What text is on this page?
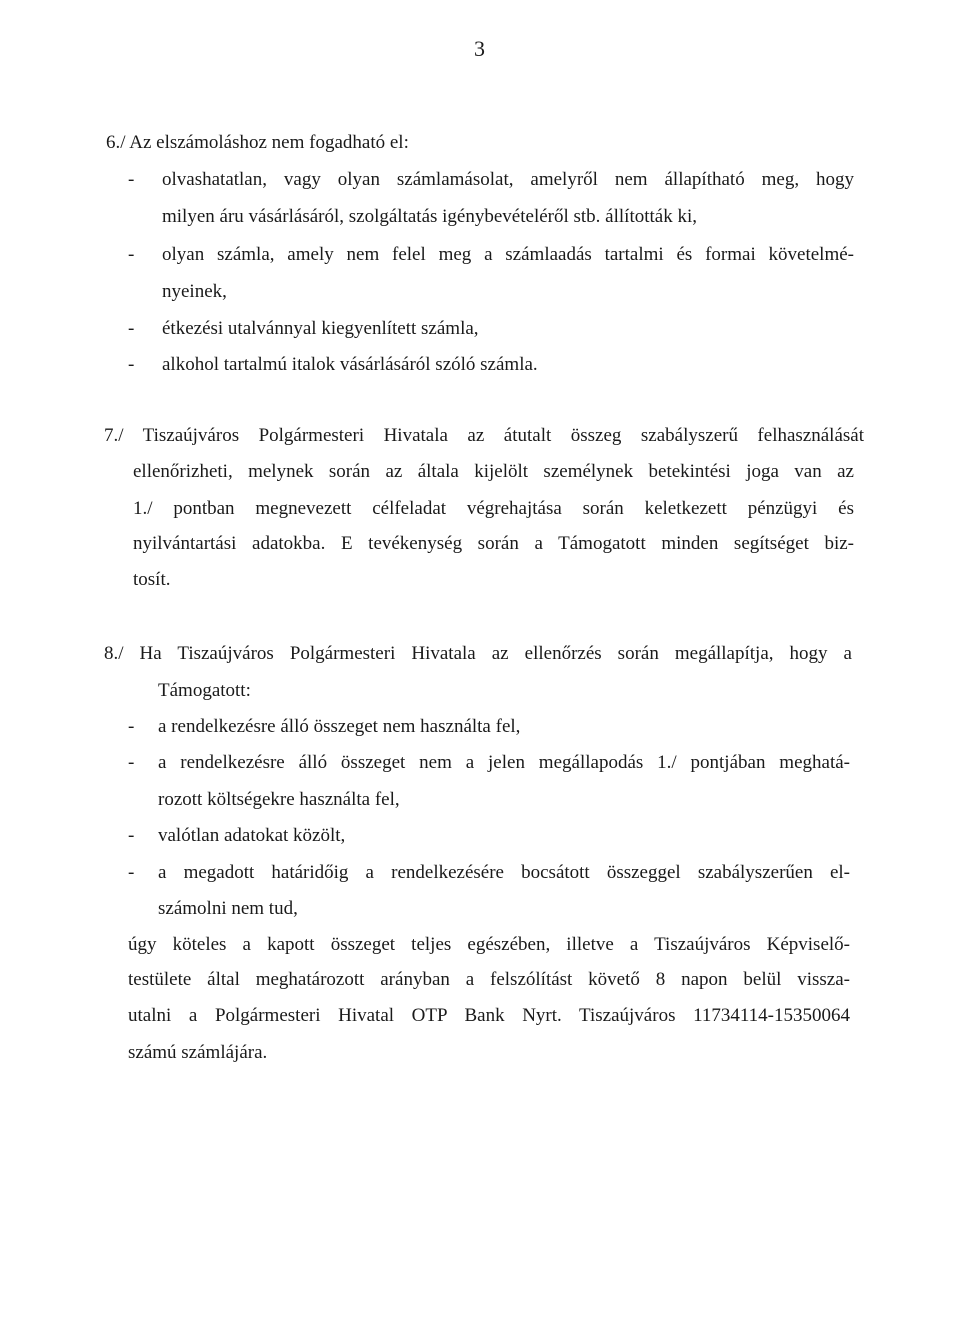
3
6./ Az elszámoláshoz nem fogadható el:
- olvashatatlan, vagy olyan számlamásolat, amelyről nem állapítható meg, hogy
milyen áru vásárlásáról, szolgáltatás igénybevételéről stb. állították ki,
- olyan számla, amely nem felel meg a számlaadás tartalmi és formai követelmé-
nyeinek,
- étkezési utalvánnyal kiegyenlített számla,
- alkohol tartalmú italok vásárlásáról szóló számla.
7./ Tiszaújváros Polgármesteri Hivatala az átutalt összeg szabályszerű felhasználását
ellenőrizheti, melynek során az általa kijelölt személynek betekintési joga van az
1./ pontban megnevezett célfeladat végrehajtása során keletkezett pénzügyi és
nyilvántartási adatokba. E tevékenység során a Támogatott minden segítséget biz-
tosít.
8./ Ha Tiszaújváros Polgármesteri Hivatala az ellenőrzés során megállapítja, hogy a
Támogatott:
- a rendelkezésre álló összeget nem használta fel,
- a rendelkezésre álló összeget nem a jelen megállapodás 1./ pontjában meghatá-
rozott költségekre használta fel,
- valótlan adatokat közölt,
- a megadott határidőig a rendelkezésére bocsátott összeggel szabályszerűen el-
számolni nem tud,
úgy köteles a kapott összeget teljes egészében, illetve a Tiszaújváros Képviselő-
testülete által meghatározott arányban a felszólítást követő 8 napon belül vissza-
utalni a Polgármesteri Hivatal OTP Bank Nyrt. Tiszaújváros 11734114-15350064
számú számlájára.
